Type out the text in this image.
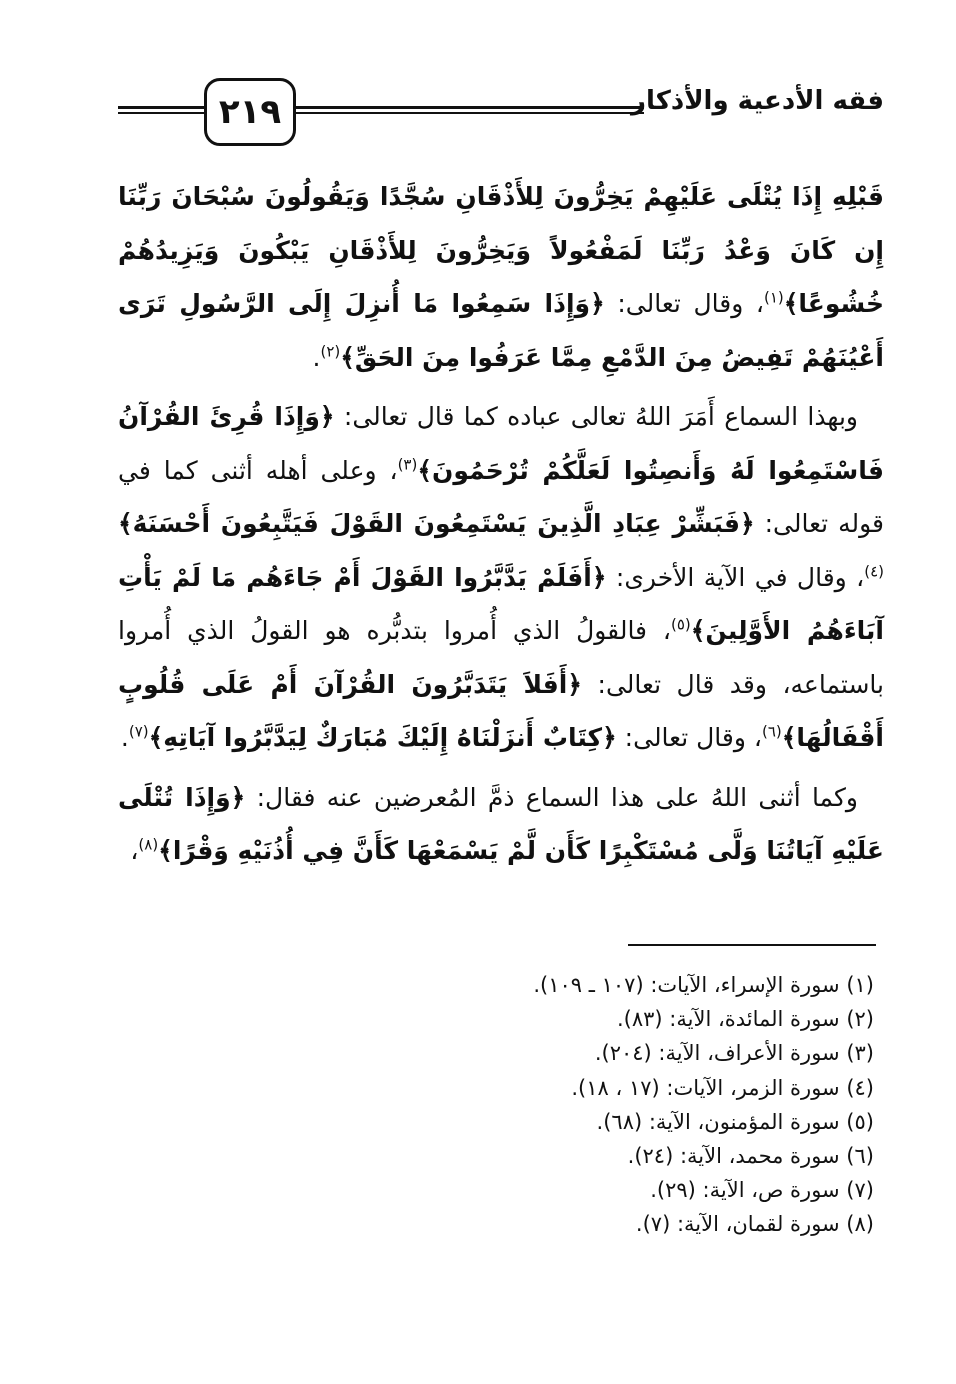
٢١٩	فقه الأدعية والأذكار

قَبْلِهِ إِذَا يُتْلَى عَلَيْهِمْ يَخِرُّونَ لِلأَذْقَانِ سُجَّدًا وَيَقُولُونَ سُبْحَانَ رَبِّنَا إِن كَانَ وَعْدُ رَبِّنَا لَمَفْعُولاً وَيَخِرُّونَ لِلأَذْقَانِ يَبْكُونَ وَيَزِيدُهُمْ خُشُوعًا﴾$^{(١)}$، وقال تعالى: ﴿وَإِذَا سَمِعُوا مَا أُنزِلَ إِلَى الرَّسُولِ تَرَى أَعْيُنَهُمْ تَفِيضُ مِنَ الدَّمْعِ مِمَّا عَرَفُوا مِنَ الحَقِّ﴾$^{(٢)}$.

وبهذا السماع أَمَرَ اللهُ تعالى عباده كما قال تعالى: ﴿وَإِذَا قُرِئَ القُرْآنُ فَاسْتَمِعُوا لَهُ وَأَنصِتُوا لَعَلَّكُمْ تُرْحَمُونَ﴾$^{(٣)}$، وعلى أهله أثنى كما في قوله تعالى: ﴿فَبَشِّرْ عِبَادِ الَّذِينَ يَسْتَمِعُونَ القَوْلَ فَيَتَّبِعُونَ أَحْسَنَهُ﴾$^{(٤)}$، وقال في الآية الأخرى: ﴿أَفَلَمْ يَدَّبَّرُوا القَوْلَ أَمْ جَاءَهُم مَا لَمْ يَأْتِ آبَاءَهُمُ الأَوَّلِينَ﴾$^{(٥)}$، فالقولُ الذي أُمروا بتدبُّره هو القولُ الذي أُمروا باستماعه، وقد قال تعالى: ﴿أَفَلاَ يَتَدَبَّرُونَ القُرْآنَ أَمْ عَلَى قُلُوبٍ أَقْفَالُهَا﴾$^{(٦)}$، وقال تعالى: ﴿كِتَابٌ أَنزَلْنَاهُ إِلَيْكَ مُبَارَكٌ لِيَدَّبَّرُوا آيَاتِهِ﴾$^{(٧)}$.

وكما أثنى اللهُ على هذا السماع ذمَّ المُعرضين عنه فقال: ﴿وَإِذَا تُتْلَى عَلَيْهِ آيَاتُنَا وَلَّى مُسْتَكْبِرًا كَأَن لَّمْ يَسْمَعْهَا كَأَنَّ فِي أُذُنَيْهِ وَقْرًا﴾$^{(٨)}$،

(١) سورة الإسراء، الآيات: (١٠٧ ـ ١٠٩).
(٢) سورة المائدة، الآية: (٨٣).
(٣) سورة الأعراف، الآية: (٢٠٤).
(٤) سورة الزمر، الآيات: (١٧ ، ١٨).
(٥) سورة المؤمنون، الآية: (٦٨).
(٦) سورة محمد، الآية: (٢٤).
(٧) سورة ص، الآية: (٢٩).
(٨) سورة لقمان، الآية: (٧).
